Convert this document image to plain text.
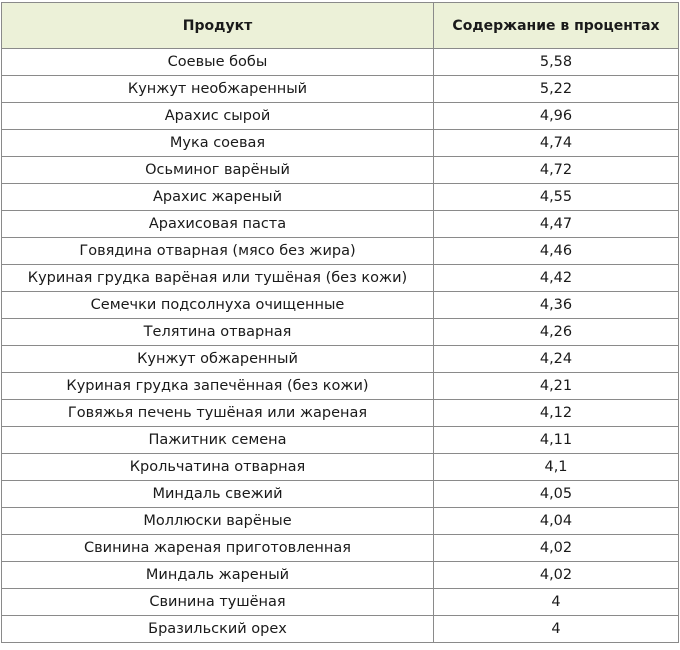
Продукт	Содержание в процентах
Соевые бобы	5,58
Кунжут необжаренный	5,22
Арахис сырой	4,96
Мука соевая	4,74
Осьминог варёный	4,72
Арахис жареный	4,55
Арахисовая паста	4,47
Говядина отварная (мясо без жира)	4,46
Куриная грудка варёная или тушёная (без кожи)	4,42
Семечки подсолнуха очищенные	4,36
Телятина отварная	4,26
Кунжут обжаренный	4,24
Куриная грудка запечённая (без кожи)	4,21
Говяжья печень тушёная или жареная	4,12
Пажитник семена	4,11
Крольчатина отварная	4,1
Миндаль свежий	4,05
Моллюски варёные	4,04
Свинина жареная приготовленная	4,02
Миндаль жареный	4,02
Свинина тушёная	4
Бразильский орех	4
